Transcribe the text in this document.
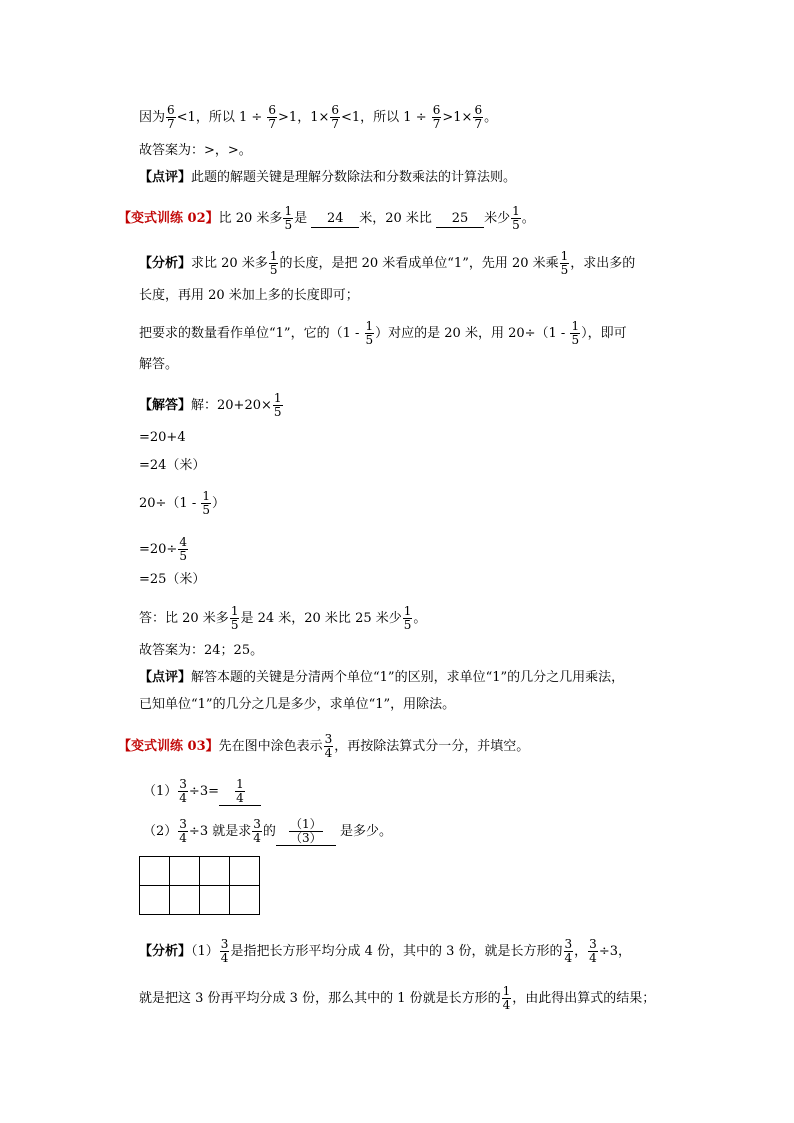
因为 $\frac{6}{7} <1$，所以 $1 \div \frac{6}{7} >1$，$1\times \frac{6}{7} <1$，所以 $1 \div \frac{6}{7} >1\times \frac{6}{7}$ 。
故答案为：>，>。
【点评】此题的解题关键是理解分数除法和分数乘法的计算法则。
【变式训练 02】比 20 米多 $\frac{1}{5}$ 是 24 米，20 米比 25 米少 $\frac{1}{5}$ 。
【分析】求比 20 米多 $\frac{1}{5}$ 的长度，是把 20 米看成单位“1”，先用 20 米乘 $\frac{1}{5}$ ，求出多的
长度，再用 20 米加上多的长度即可；
把要求的数量看作单位“1”，它的（$1 - \frac{1}{5}$ ）对应的是 20 米，用 $20\div(1 - \frac{1}{5}$ ），即可
解答。
【解答】解：$20+20\times \frac{1}{5}$
=20+4
=24（米）
$20\div(1 - \frac{1}{5}$ ）
$=20\div \frac{4}{5}$
=25（米）
答：比 20 米多 $\frac{1}{5}$ 是 24 米，20 米比 25 米少 $\frac{1}{5}$ 。
故答案为：24；25。
【点评】解答本题的关键是分清两个单位“1”的区别，求单位“1”的几分之几用乘法，
已知单位“1”的几分之几是多少，求单位“1”，用除法。
【变式训练 03】先在图中涂色表示 $\frac{3}{4}$ ，再按除法算式分一分，并填空。
$(1) \frac{3}{4} \div 3= \frac{1}{4}$
$(2) \frac{3}{4} \div 3$ 就是求 $\frac{3}{4}$ 的 $\frac{(1)}{(3)}$ 是多少。
【分析】$(1) \frac{3}{4}$ 是指把长方形平均分成 4 份，其中的 3 份，就是长方形的 $\frac{3}{4}$ ， $\frac{3}{4} \div 3$，
就是把这 3 份再平均分成 3 份，那么其中的 1 份就是长方形的 $\frac{1}{4}$ ，由此得出算式的结果；
